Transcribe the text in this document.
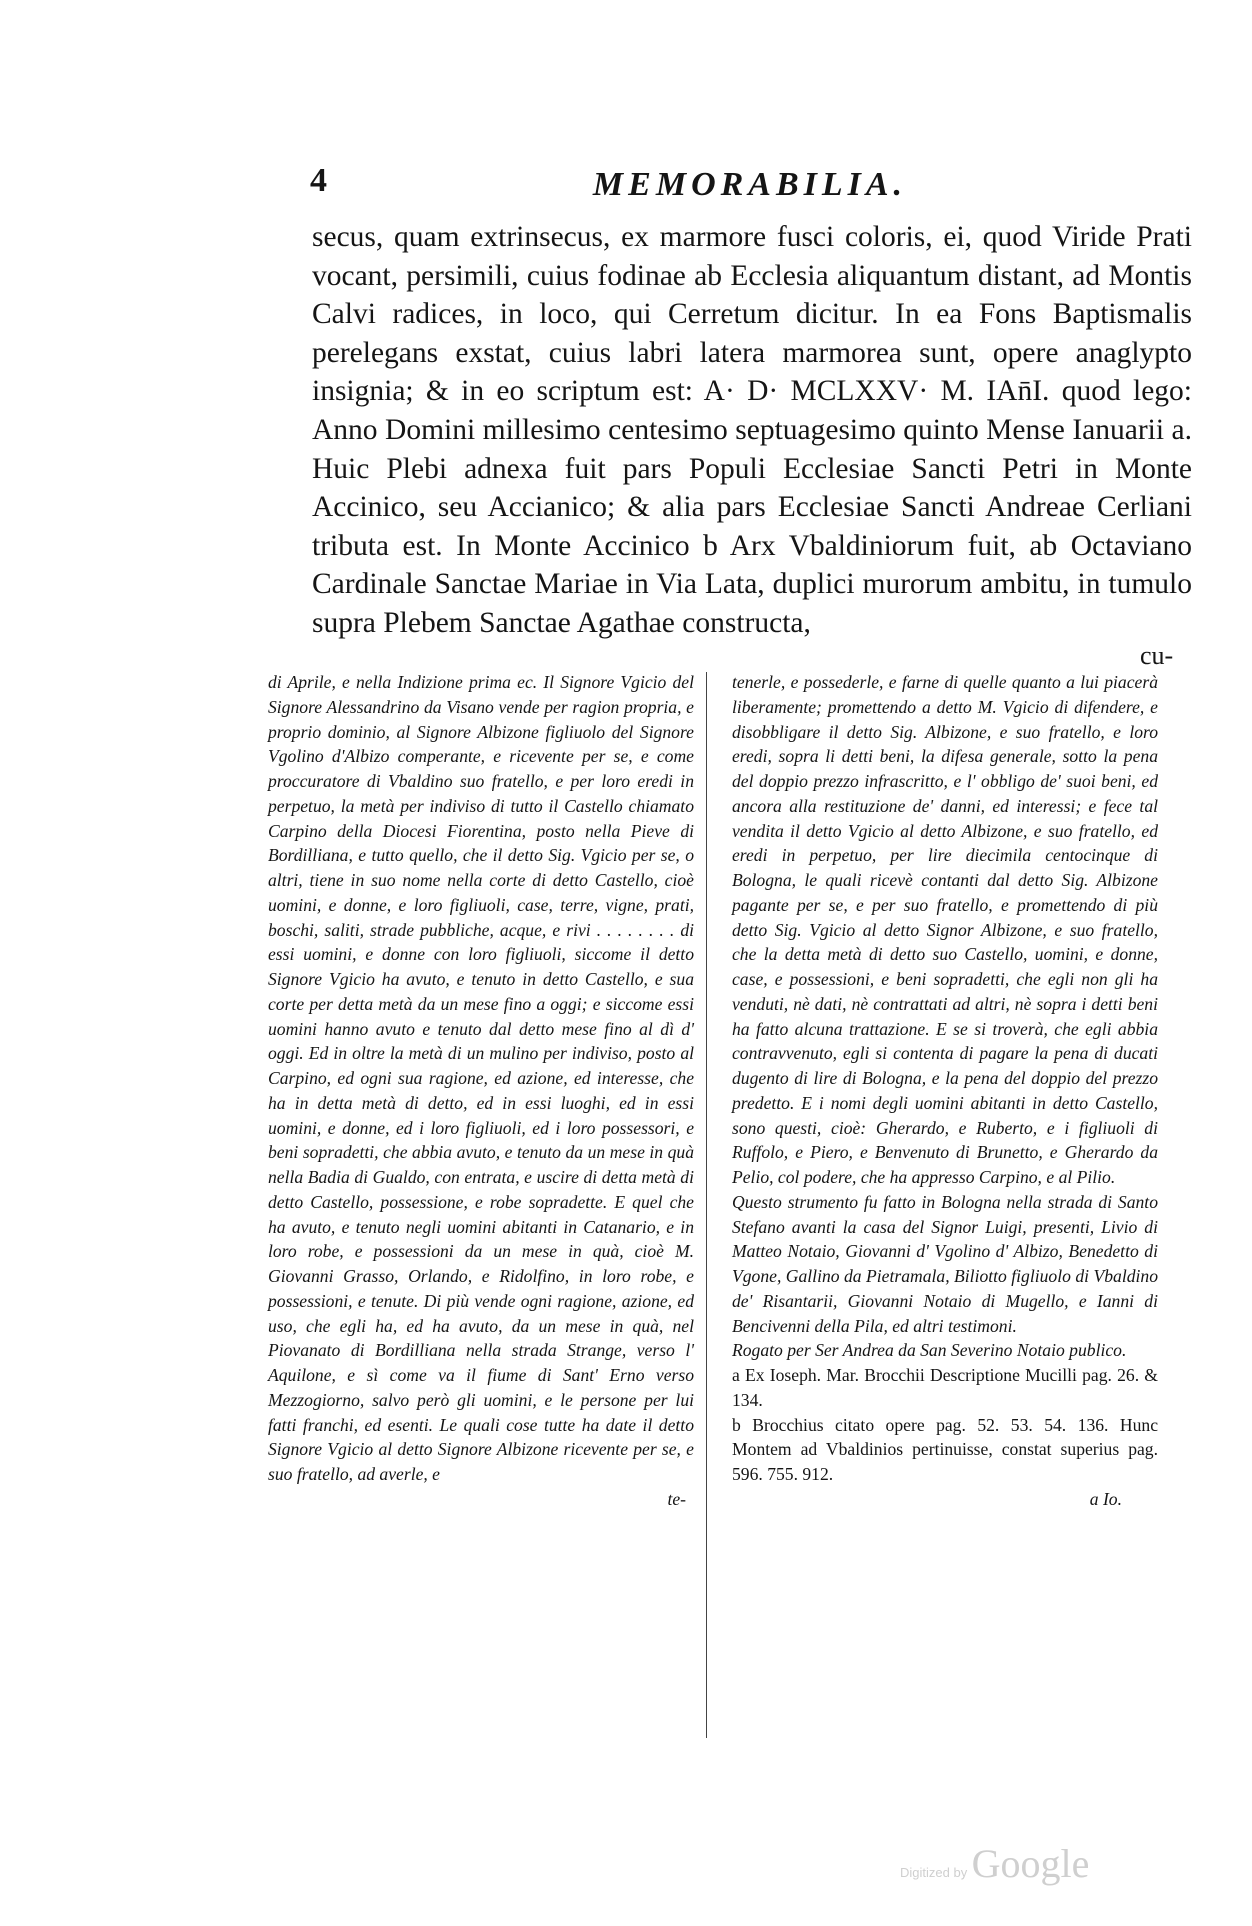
4	MEMORABILIA.

secus, quam extrinsecus, ex marmore fusci coloris, ei, quod Viride Prati vocant, persimili, cuius fodinae ab Ecclesia aliquantum distant, ad Montis Calvi radices, in loco, qui Cerretum dicitur. In ea Fons Baptismalis perelegans exstat, cuius labri latera marmorea sunt, opere anaglypto insignia; & in eo scriptum est: A· D· MCLXXV· M. IAn̄I. quod lego: Anno Domini millesimo centesimo septuagesimo quinto Mense Ianuarii a. Huic Plebi adnexa fuit pars Populi Ecclesiae Sancti Petri in Monte Accinico, seu Accianico; & alia pars Ecclesiae Sancti Andreae Cerliani tributa est. In Monte Accinico b Arx Vbaldiniorum fuit, ab Octaviano Cardinale Sanctae Mariae in Via Lata, duplici murorum ambitu, in tumulo supra Plebem Sanctae Agathae constructa,

cu-

di Aprile, e nella Indizione prima ec. Il Signore Vgicio del Signore Alessandrino da Visano vende per ragion propria, e proprio dominio, al Signore Albizone figliuolo del Signore Vgolino d'Albizo comperante, e ricevente per se, e come proccuratore di Vbaldino suo fratello, e per loro eredi in perpetuo, la metà per indiviso di tutto il Castello chiamato Carpino della Diocesi Fiorentina, posto nella Pieve di Bordilliana, e tutto quello, che il detto Sig. Vgicio per se, o altri, tiene in suo nome nella corte di detto Castello, cioè uomini, e donne, e loro figliuoli, case, terre, vigne, prati, boschi, saliti, strade pubbliche, acque, e rivi . . . . . . . . di essi uomini, e donne con loro figliuoli, siccome il detto Signore Vgicio ha avuto, e tenuto in detto Castello, e sua corte per detta metà da un mese fino a oggi; e siccome essi uomini hanno avuto e tenuto dal detto mese fino al dì d' oggi. Ed in oltre la metà di un mulino per indiviso, posto al Carpino, ed ogni sua ragione, ed azione, ed interesse, che ha in detta metà di detto, ed in essi luoghi, ed in essi uomini, e donne, ed i loro figliuoli, ed i loro possessori, e beni sopradetti, che abbia avuto, e tenuto da un mese in quà nella Badia di Gualdo, con entrata, e uscire di detta metà di detto Castello, possessione, e robe sopradette. E quel che ha avuto, e tenuto negli uomini abitanti in Catanario, e in loro robe, e possessioni da un mese in quà, cioè M. Giovanni Grasso, Orlando, e Ridolfino, in loro robe, e possessioni, e tenute. Di più vende ogni ragione, azione, ed uso, che egli ha, ed ha avuto, da un mese in quà, nel Piovanato di Bordilliana nella strada Strange, verso l' Aquilone, e sì come va il fiume di Sant' Erno verso Mezzogiorno, salvo però gli uomini, e le persone per lui fatti franchi, ed esenti. Le quali cose tutte ha date il detto Signore Vgicio al detto Signore Albizone ricevente per se, e suo fratello, ad averle, e

te-

tenerle, e possederle, e farne di quelle quanto a lui piacerà liberamente; promettendo a detto M. Vgicio di difendere, e disobbligare il detto Sig. Albizone, e suo fratello, e loro eredi, sopra li detti beni, la difesa generale, sotto la pena del doppio prezzo infrascritto, e l' obbligo de' suoi beni, ed ancora alla restituzione de' danni, ed interessi; e fece tal vendita il detto Vgicio al detto Albizone, e suo fratello, ed eredi in perpetuo, per lire diecimila centocinque di Bologna, le quali ricevè contanti dal detto Sig. Albizone pagante per se, e per suo fratello, e promettendo di più detto Sig. Vgicio al detto Signor Albizone, e suo fratello, che la detta metà di detto suo Castello, uomini, e donne, case, e possessioni, e beni sopradetti, che egli non gli ha venduti, nè dati, nè contrattati ad altri, nè sopra i detti beni ha fatto alcuna trattazione. E se si troverà, che egli abbia contravvenuto, egli si contenta di pagare la pena di ducati dugento di lire di Bologna, e la pena del doppio del prezzo predetto. E i nomi degli uomini abitanti in detto Castello, sono questi, cioè: Gherardo, e Ruberto, e i figliuoli di Ruffolo, e Piero, e Benvenuto di Brunetto, e Gherardo da Pelio, col podere, che ha appresso Carpino, e al Pilio.

Questo strumento fu fatto in Bologna nella strada di Santo Stefano avanti la casa del Signor Luigi, presenti, Livio di Matteo Notaio, Giovanni d' Vgolino d' Albizo, Benedetto di Vgone, Gallino da Pietramala, Biliotto figliuolo di Vbaldino de' Risantarii, Giovanni Notaio di Mugello, e Ianni di Bencivenni della Pila, ed altri testimoni.

Rogato per Ser Andrea da San Severino Notaio publico.

a Ex Ioseph. Mar. Brocchii Descriptione Mucilli pag. 26. & 134.

b Brocchius citato opere pag. 52. 53. 54. 136. Hunc Montem ad Vbaldinios pertinuisse, constat superius pag. 596. 755. 912.

a Io.

Digitized by Google
